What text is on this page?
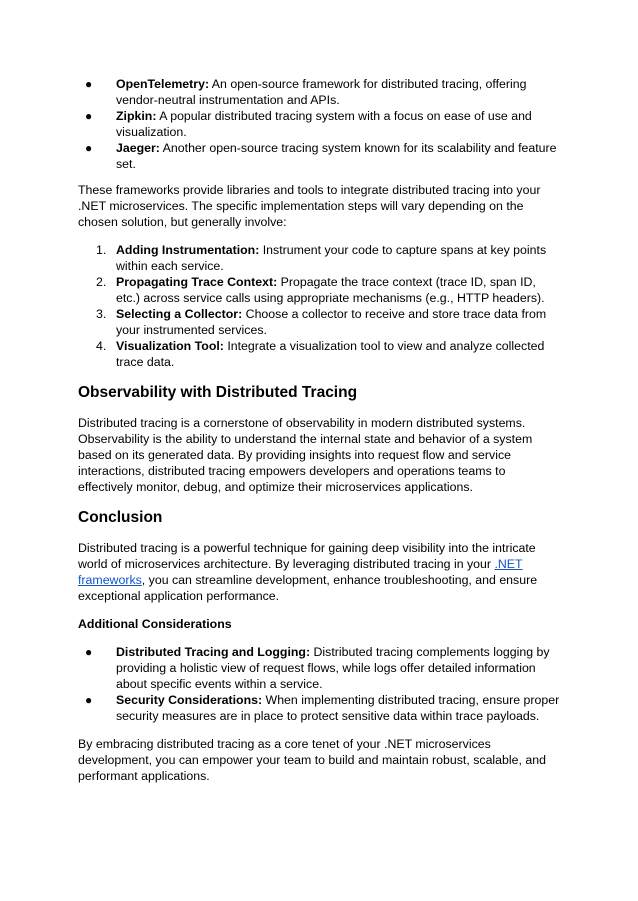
● OpenTelemetry: An open-source framework for distributed tracing, offering vendor-neutral instrumentation and APIs.
● Zipkin: A popular distributed tracing system with a focus on ease of use and visualization.
● Jaeger: Another open-source tracing system known for its scalability and feature set.

These frameworks provide libraries and tools to integrate distributed tracing into your .NET microservices. The specific implementation steps will vary depending on the chosen solution, but generally involve:

1. Adding Instrumentation: Instrument your code to capture spans at key points within each service.
2. Propagating Trace Context: Propagate the trace context (trace ID, span ID, etc.) across service calls using appropriate mechanisms (e.g., HTTP headers).
3. Selecting a Collector: Choose a collector to receive and store trace data from your instrumented services.
4. Visualization Tool: Integrate a visualization tool to view and analyze collected trace data.
Observability with Distributed Tracing

Distributed tracing is a cornerstone of observability in modern distributed systems. Observability is the ability to understand the internal state and behavior of a system based on its generated data. By providing insights into request flow and service interactions, distributed tracing empowers developers and operations teams to effectively monitor, debug, and optimize their microservices applications.

Conclusion

Distributed tracing is a powerful technique for gaining deep visibility into the intricate world of microservices architecture. By leveraging distributed tracing in your .NET frameworks, you can streamline development, enhance troubleshooting, and ensure exceptional application performance.

Additional Considerations

● Distributed Tracing and Logging: Distributed tracing complements logging by providing a holistic view of request flows, while logs offer detailed information about specific events within a service.
● Security Considerations: When implementing distributed tracing, ensure proper security measures are in place to protect sensitive data within trace payloads.

By embracing distributed tracing as a core tenet of your .NET microservices development, you can empower your team to build and maintain robust, scalable, and performant applications.
